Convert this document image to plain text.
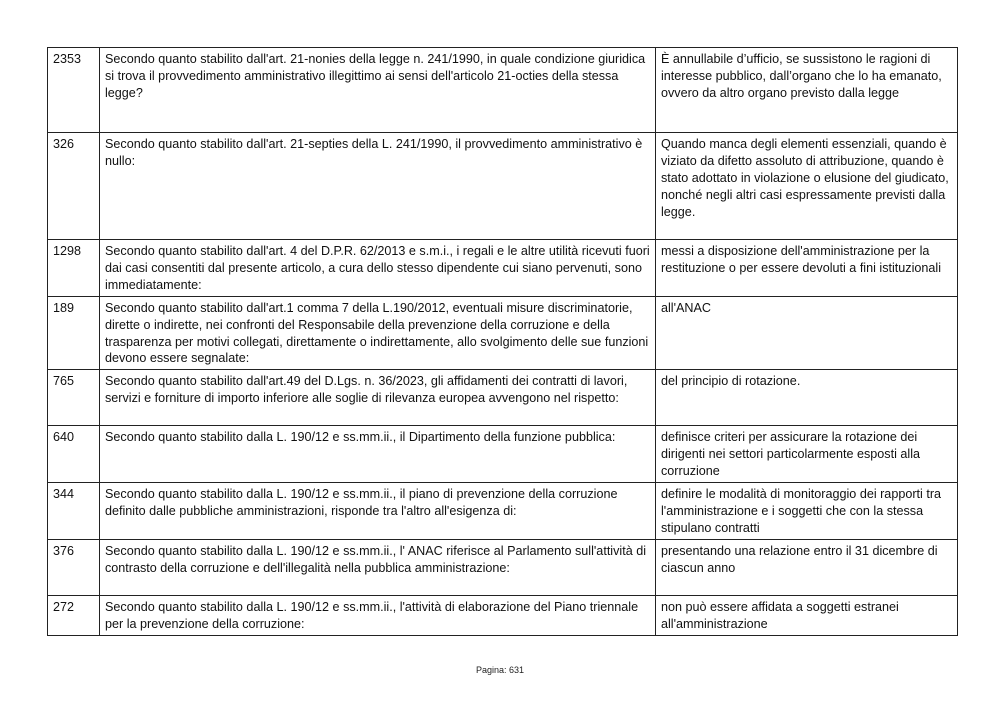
2353	Secondo quanto stabilito dall'art. 21-nonies della legge n. 241/1990, in quale condizione giuridica si trova il provvedimento amministrativo illegittimo ai sensi dell'articolo 21-octies della stessa legge?	È annullabile d’ufficio, se sussistono le ragioni di interesse pubblico, dall’organo che lo ha emanato, ovvero da altro organo previsto dalla legge
326	Secondo quanto stabilito dall'art. 21-septies della L. 241/1990, il provvedimento amministrativo è nullo:	Quando manca degli elementi essenziali, quando è viziato da difetto assoluto di attribuzione, quando è stato adottato in violazione o elusione del giudicato, nonché negli altri casi espressamente previsti dalla legge.
1298	Secondo quanto stabilito dall'art. 4 del D.P.R. 62/2013 e s.m.i., i regali e le altre utilità ricevuti fuori dai casi consentiti dal presente articolo, a cura dello stesso dipendente cui siano pervenuti, sono immediatamente:	messi a disposizione dell'amministrazione per la restituzione o per essere devoluti a fini istituzionali
189	Secondo quanto stabilito dall'art.1 comma 7 della L.190/2012, eventuali misure discriminatorie, dirette o indirette, nei confronti del Responsabile della prevenzione della corruzione e della trasparenza per motivi collegati, direttamente o indirettamente, allo svolgimento delle sue funzioni devono essere segnalate:	all'ANAC
765	Secondo quanto stabilito dall'art.49 del D.Lgs. n. 36/2023, gli affidamenti dei contratti di lavori, servizi e forniture di importo inferiore alle soglie di rilevanza europea avvengono nel rispetto:	del principio di rotazione.
640	Secondo quanto stabilito dalla L. 190/12 e ss.mm.ii., il Dipartimento della funzione pubblica:	definisce criteri per assicurare la rotazione dei dirigenti nei settori particolarmente esposti alla corruzione
344	Secondo quanto stabilito dalla L. 190/12 e ss.mm.ii., il piano di prevenzione della corruzione definito dalle pubbliche amministrazioni, risponde tra l'altro all'esigenza di:	definire le modalità di monitoraggio dei rapporti tra l'amministrazione e i soggetti che con la stessa stipulano contratti
376	Secondo quanto stabilito dalla L. 190/12 e ss.mm.ii., l' ANAC riferisce al Parlamento sull'attività di contrasto della corruzione e dell'illegalità nella pubblica amministrazione:	presentando una relazione entro il 31 dicembre di ciascun anno
272	Secondo quanto stabilito dalla L. 190/12 e ss.mm.ii., l'attività di elaborazione del Piano triennale per la prevenzione della corruzione:	non può essere affidata a soggetti estranei all'amministrazione
Pagina: 631
